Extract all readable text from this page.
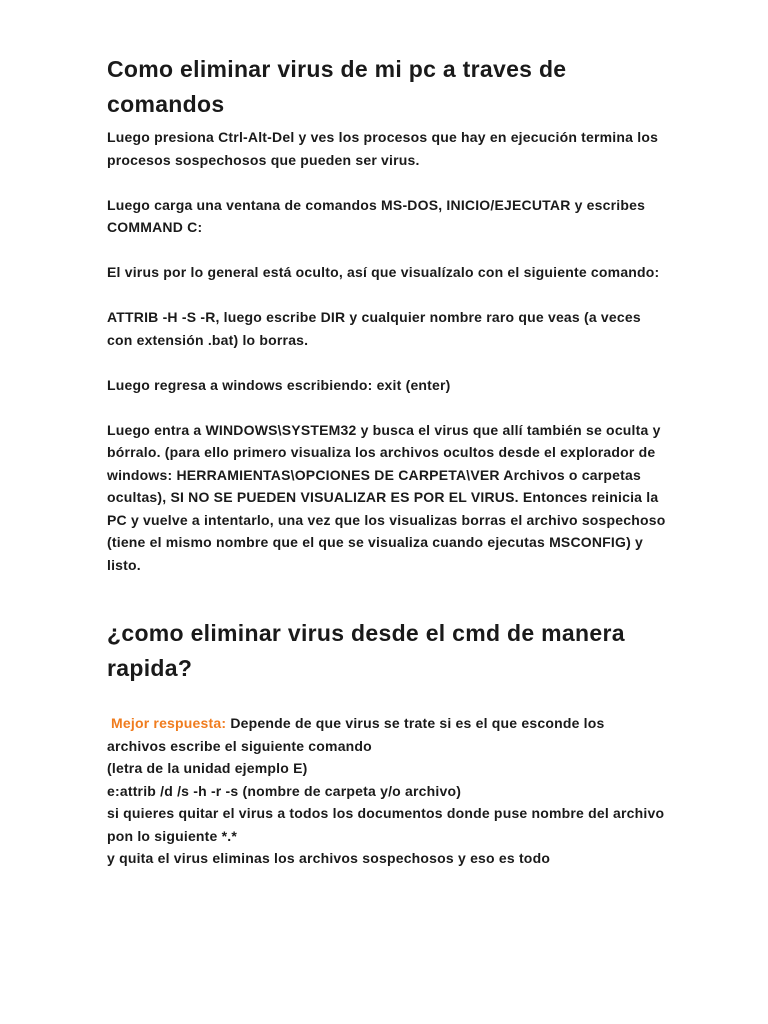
Como eliminar virus de mi pc a traves de comandos

Luego presiona Ctrl-Alt-Del y ves los procesos que hay en ejecución termina los procesos sospechosos que pueden ser virus.

Luego carga una ventana de comandos MS-DOS, INICIO/EJECUTAR y escribes COMMAND C:

El virus por lo general está oculto, así que visualízalo con el siguiente comando:

ATTRIB -H -S -R, luego escribe DIR y cualquier nombre raro que veas (a veces con extensión .bat) lo borras.

Luego regresa a windows escribiendo: exit (enter)

Luego entra a WINDOWS\SYSTEM32 y busca el virus que allí también se oculta y bórralo. (para ello primero visualiza los archivos ocultos desde el explorador de windows: HERRAMIENTAS\OPCIONES DE CARPETA\VER Archivos o carpetas ocultas), SI NO SE PUEDEN VISUALIZAR ES POR EL VIRUS. Entonces reinicia la PC y vuelve a intentarlo, una vez que los visualizas borras el archivo sospechoso (tiene el mismo nombre que el que se visualiza cuando ejecutas MSCONFIG) y listo.

¿como eliminar virus desde el cmd de manera rapida?
Mejor respuesta: Depende de que virus se trate si es el que esconde los archivos escribe el siguiente comando
(letra de la unidad ejemplo E)
e:attrib /d /s -h -r -s (nombre de carpeta y/o archivo)
si quieres quitar el virus a todos los documentos donde puse nombre del archivo pon lo siguiente *.*
y quita el virus eliminas los archivos sospechosos y eso es todo
